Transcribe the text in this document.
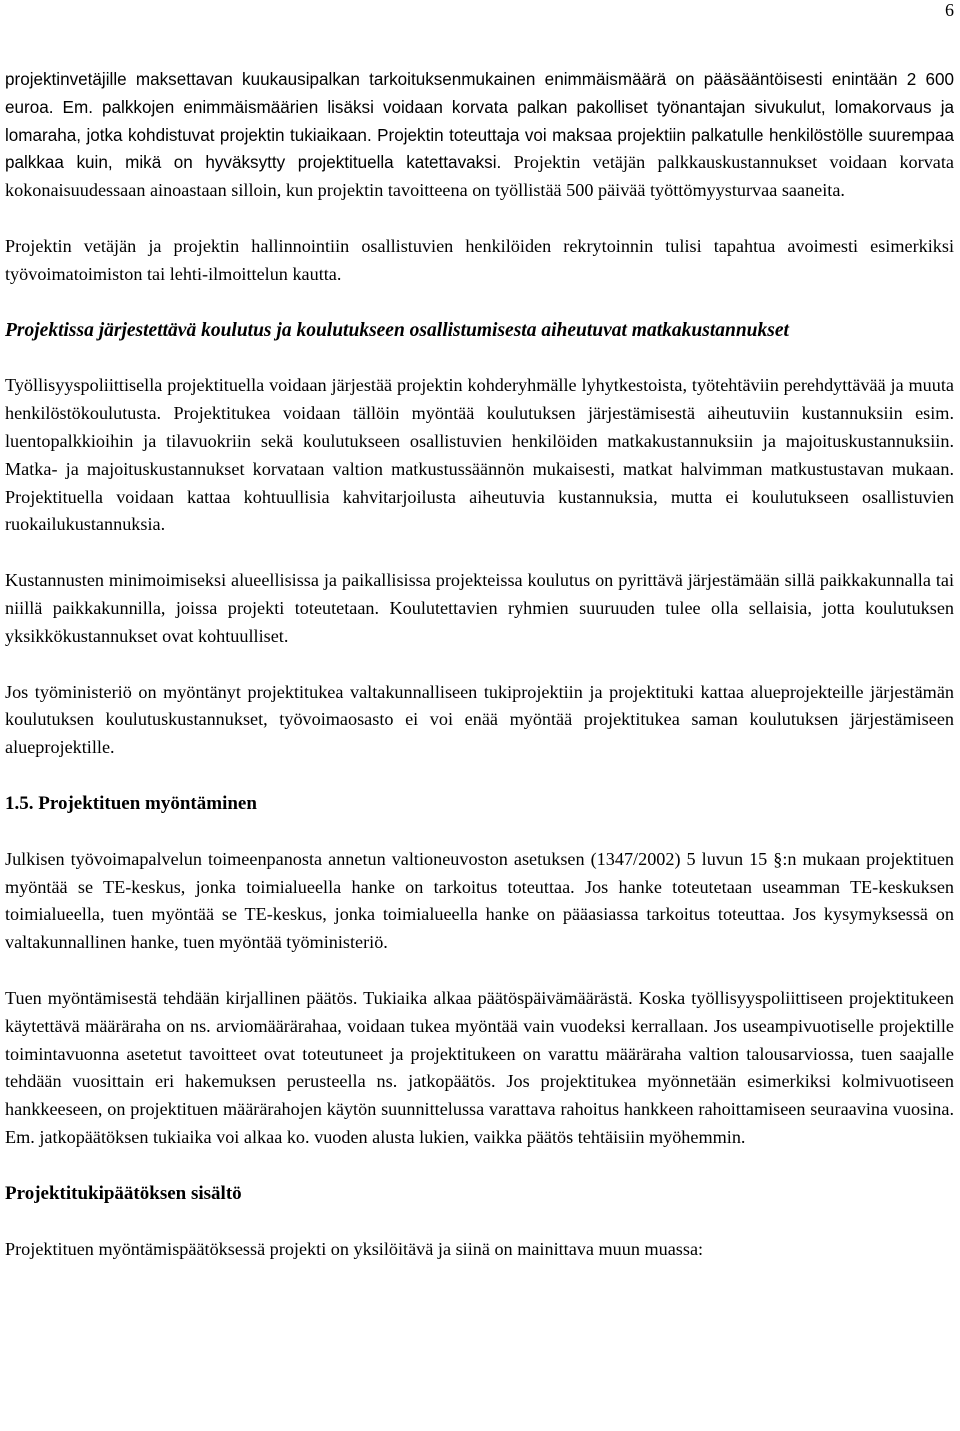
6

projektinvetäjille maksettavan kuukausipalkan tarkoituksenmukainen enimmäismäärä on pääsääntöisesti enintään 2 600 euroa. Em. palkkojen enimmäismäärien lisäksi voidaan korvata palkan pakolliset työnantajan sivukulut, lomakorvaus ja lomaraha, jotka kohdistuvat projektin tukiaikaan. Projektin toteuttaja voi maksaa projektiin palkatulle henkilöstölle suurempaa palkkaa kuin, mikä on hyväksytty projektituella katettavaksi. Projektin vetäjän palkkauskustannukset voidaan korvata kokonaisuudessaan ainoastaan silloin, kun projektin tavoitteena on työllistää 500 päivää työttömyysturvaa saaneita.

Projektin vetäjän ja projektin hallinnointiin osallistuvien henkilöiden rekrytoinnin tulisi tapahtua avoimesti esimerkiksi työvoimatoimiston tai lehti-ilmoittelun kautta.

Projektissa järjestettävä koulutus ja koulutukseen osallistumisesta aiheutuvat matkakustannukset

Työllisyyspoliittisella projektituella voidaan järjestää projektin kohderyhmälle lyhytkestoista, työtehtäviin perehdyttävää ja muuta henkilöstökoulutusta. Projektitukea voidaan tällöin myöntää koulutuksen järjestämisestä aiheutuviin kustannuksiin esim. luentopalkkioihin ja tilavuokriin sekä koulutukseen osallistuvien henkilöiden matkakustannuksiin ja majoituskustannuksiin. Matka- ja majoituskustannukset korvataan valtion matkustussäännön mukaisesti, matkat halvimman matkustustavan mukaan. Projektituella voidaan kattaa kohtuullisia kahvitarjoilusta aiheutuvia kustannuksia, mutta ei koulutukseen osallistuvien ruokailukustannuksia.

Kustannusten minimoimiseksi alueellisissa ja paikallisissa projekteissa koulutus on pyrittävä järjestämään sillä paikkakunnalla tai niillä paikkakunnilla, joissa projekti toteutetaan. Koulutettavien ryhmien suuruuden tulee olla sellaisia, jotta koulutuksen yksikkökustannukset ovat kohtuulliset.

Jos työministeriö on myöntänyt projektitukea valtakunnalliseen tukiprojektiin ja projektituki kattaa alueprojekteille järjestämän koulutuksen koulutuskustannukset, työvoimaosasto ei voi enää myöntää projektitukea saman koulutuksen järjestämiseen alueprojektille.

1.5. Projektituen myöntäminen

Julkisen työvoimapalvelun toimeenpanosta annetun valtioneuvoston asetuksen (1347/2002) 5 luvun 15 §:n mukaan projektituen myöntää se TE-keskus, jonka toimialueella hanke on tarkoitus toteuttaa. Jos hanke toteutetaan useamman TE-keskuksen toimialueella, tuen myöntää se TE-keskus, jonka toimialueella hanke on pääasiassa tarkoitus toteuttaa. Jos kysymyksessä on valtakunnallinen hanke, tuen myöntää työministeriö.

Tuen myöntämisestä tehdään kirjallinen päätös. Tukiaika alkaa päätöspäivämäärästä. Koska työllisyyspoliittiseen projektitukeen käytettävä määräraha on ns. arviomäärärahaa, voidaan tukea myöntää vain vuodeksi kerrallaan. Jos useampivuotiselle projektille toimintavuonna asetetut tavoitteet ovat toteutuneet ja projektitukeen on varattu määräraha valtion talousarviossa, tuen saajalle tehdään vuosittain eri hakemuksen perusteella ns. jatkopäätös. Jos projektitukea myönnetään esimerkiksi kolmivuotiseen hankkeeseen, on projektituen määrärahojen käytön suunnittelussa varattava rahoitus hankkeen rahoittamiseen seuraavina vuosina. Em. jatkopäätöksen tukiaika voi alkaa ko. vuoden alusta lukien, vaikka päätös tehtäisiin myöhemmin.

Projektitukipäätöksen sisältö

Projektituen myöntämispäätöksessä projekti on yksilöitävä ja siinä on mainittava muun muassa:
